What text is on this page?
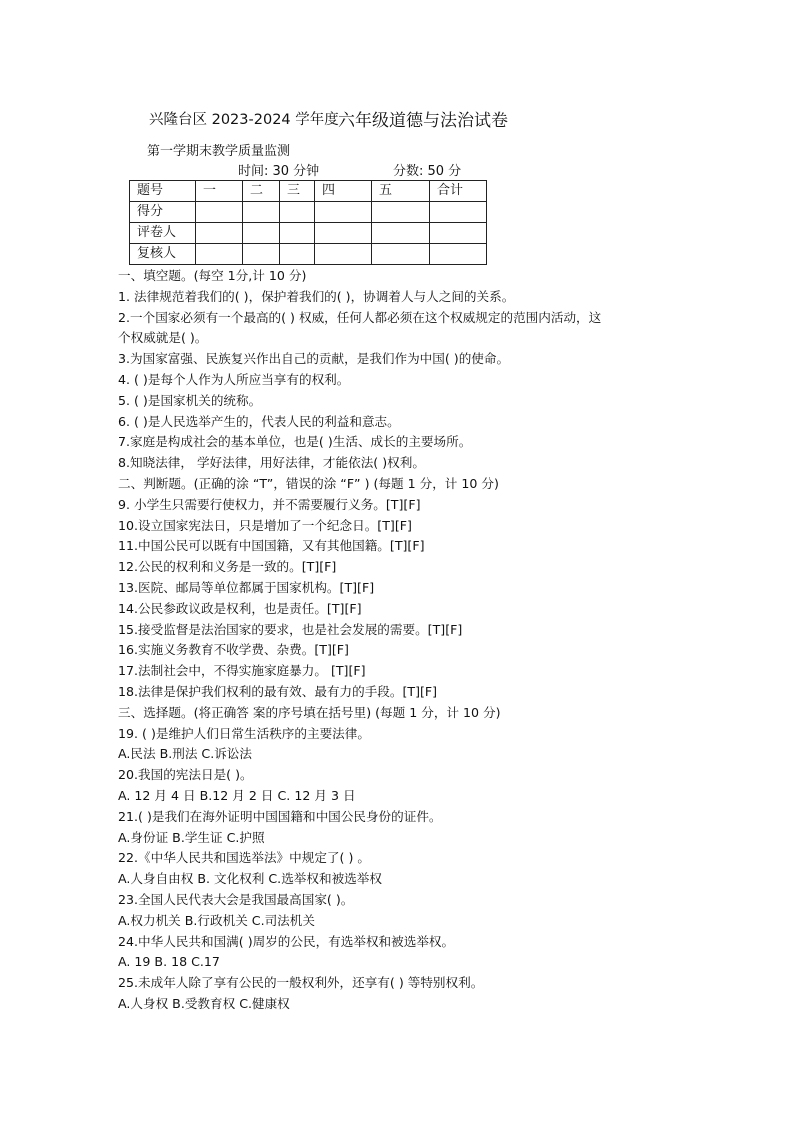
兴隆台区 2023-2024 学年度 六年级道德与法治试卷
第一学期末教学质量监测
时间: 30 分钟	分数: 50 分
题号	一	二	三	四	五	合计
得分						
评卷人						
复核人						
一、填空题。(每空 1分,计 10 分)
1. 法律规范着我们的( )，保护着我们的( )，协调着人与人之间的关系。
2.一个国家必须有一个最高的( ) 权威，任何人都必须在这个权威规定的范围内活动，这
个权威就是( )。
3.为国家富强、民族复兴作出自己的贡献，是我们作为中国( )的使命。
4. ( )是每个人作为人所应当享有的权利。
5. ( )是国家机关的统称。
6. ( )是人民选举产生的，代表人民的利益和意志。
7.家庭是构成社会的基本单位，也是( )生活、成长的主要场所。
8.知晓法律， 学好法律，用好法律，才能依法( )权利。
二、判断题。(正确的涂 “T”，错误的涂 “F” ) (每题 1 分，计 10 分)
9. 小学生只需要行使权力，并不需要履行义务。[T][F]
10.设立国家宪法日，只是增加了一个纪念日。[T][F]
11.中国公民可以既有中国国籍，又有其他国籍。[T][F]
12.公民的权利和义务是一致的。[T][F]
13.医院、邮局等单位都属于国家机构。[T][F]
14.公民参政议政是权利，也是责任。[T][F]
15.接受监督是法治国家的要求，也是社会发展的需要。[T][F]
16.实施义务教育不收学费、杂费。[T][F]
17.法制社会中，不得实施家庭暴力。 [T][F]
18.法律是保护我们权利的最有效、最有力的手段。[T][F]
三、选择题。(将正确答 案的序号填在括号里) (每题 1 分，计 10 分)
19. ( )是维护人们日常生活秩序的主要法律。
A.民法 B.刑法 C.诉讼法
20.我国的宪法日是( )。
A. 12 月 4 日 B.12 月 2 日 C. 12 月 3 日
21.( )是我们在海外证明中国国籍和中国公民身份的证件。
A.身份证 B.学生证 C.护照
22.《中华人民共和国选举法》中规定了( ) 。
A.人身自由权 B. 文化权利 C.选举权和被选举权
23.全国人民代表大会是我国最高国家( )。
A.权力机关 B.行政机关 C.司法机关
24.中华人民共和国满( )周岁的公民，有选举权和被选举权。
A. 19 B. 18 C.17
25.未成年人除了享有公民的一般权利外，还享有( ) 等特别权利。
A.人身权 B.受教育权 C.健康权
